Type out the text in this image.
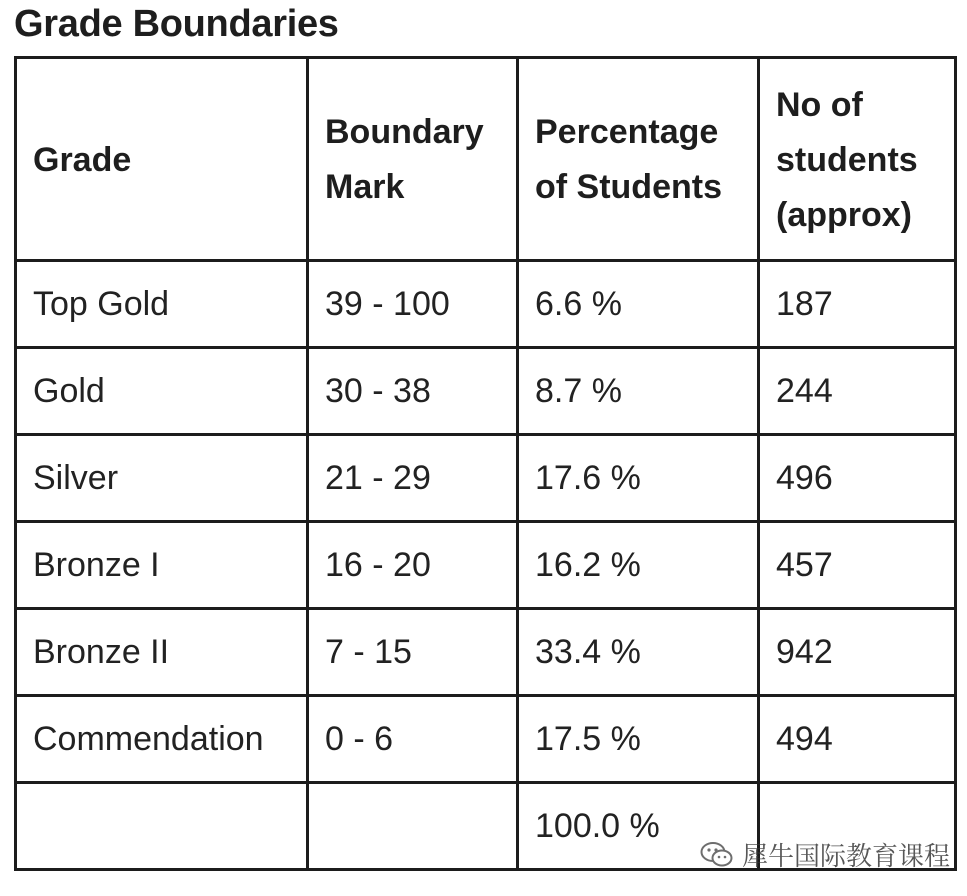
Grade Boundaries
Grade	Boundary Mark	Percentage of Students	No of students (approx)
Top Gold	39 - 100	6.6 %	187
Gold	30 - 38	8.7 %	244
Silver	21 - 29	17.6 %	496
Bronze I	16 - 20	16.2 %	457
Bronze II	7 - 15	33.4 %	942
Commendation	0 - 6	17.5 %	494
		100.0 %	
犀牛国际教育课程
